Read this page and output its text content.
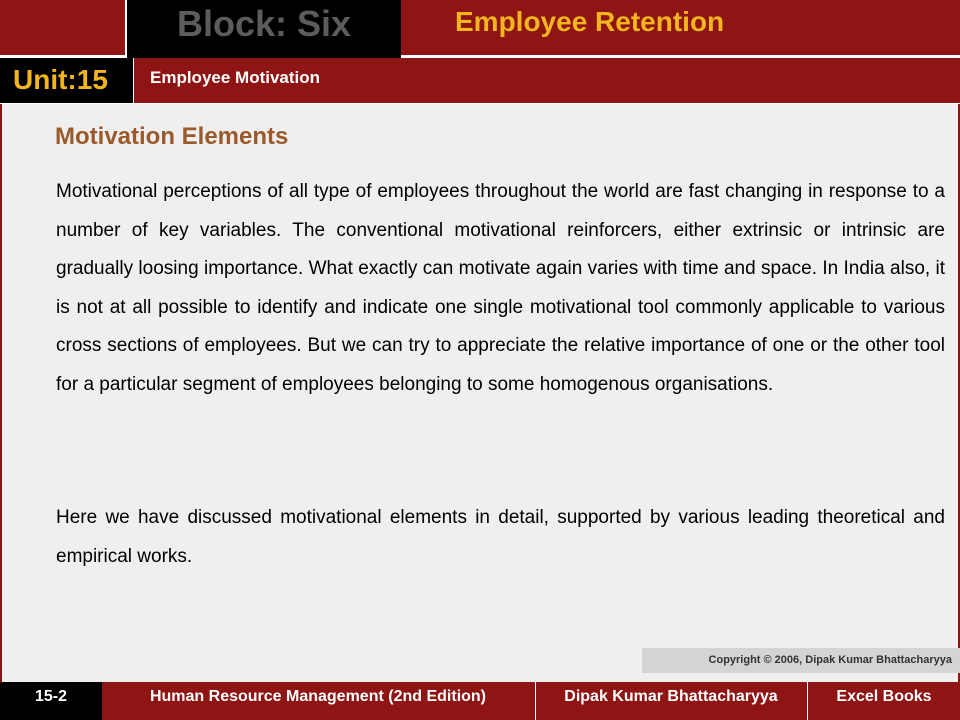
Block: Six	Employee Retention
Unit:15 Employee Motivation
Motivation Elements

Motivational perceptions of all type of employees throughout the world are fast changing in response to a number of key variables. The conventional motivational reinforcers, either extrinsic or intrinsic are gradually loosing importance. What exactly can motivate again varies with time and space. In India also, it is not at all possible to identify and indicate one single motivational tool commonly applicable to various cross sections of employees. But we can try to appreciate the relative importance of one or the other tool for a particular segment of employees belonging to some homogenous organisations.

Here we have discussed motivational elements in detail, supported by various leading theoretical and empirical works.

Copyright © 2006, Dipak Kumar Bhattacharyya
15-2	Human Resource Management (2nd Edition)	Dipak Kumar Bhattacharyya	Excel Books
